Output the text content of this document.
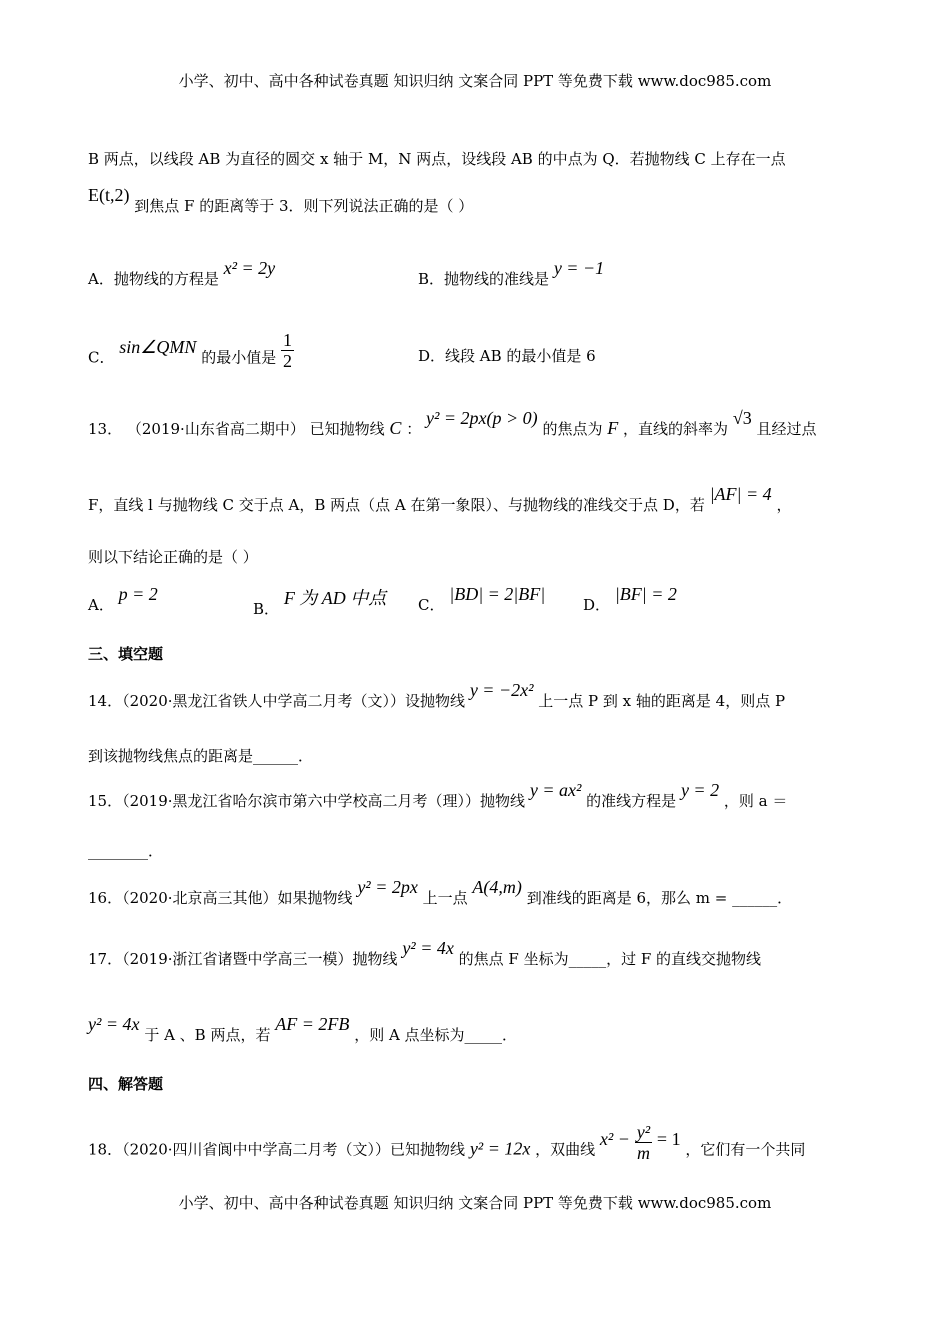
小学、初中、高中各种试卷真题 知识归纳 文案合同 PPT 等免费下载 www.doc985.com
B 两点，以线段 AB 为直径的圆交 x 轴于 M，N 两点，设线段 AB 的中点为 Q．若抛物线 C 上存在一点
E(t,2) 到焦点 F 的距离等于 3．则下列说法正确的是（ ）
A．抛物线的方程是 x² = 2y
B．抛物线的准线是 y = −1
C． sin∠QMN 的最小值是 $\frac{1}{2}$	D．线段 AB 的最小值是 6
13． （2019·山东省高二期中） 已知抛物线 C ： y² = 2px(p > 0) 的焦点为 F ，直线的斜率为 √3 且经过点
F，直线 l 与抛物线 C 交于点 A，B 两点（点 A 在第一象限）、与抛物线的准线交于点 D，若 |AF| = 4 ，
则以下结论正确的是（ ）
A． p = 2
B． F 为 AD 中点 C． |BD| = 2|BF|
D． |BF| = 2
三、填空题
14．（2020·黑龙江省铁人中学高二月考（文））设抛物线 y = −2x² 上一点 P 到 x 轴的距离是 4，则点 P
到该抛物线焦点的距离是______．
15．（2019·黑龙江省哈尔滨市第六中学校高二月考（理））抛物线 y = ax² 的准线方程是 y = 2 ，则 a ＝
________．
16．（2020·北京高三其他）如果抛物线 y² = 2px 上一点 A(4,m) 到准线的距离是 6，那么 m = ______．
17．（2019·浙江省诸暨中学高三一模）抛物线 y² = 4x 的焦点 F 坐标为_____，过 F 的直线交抛物线
y² = 4x 于 A 、B 两点，若 AF = 2FB ，则 A 点坐标为_____．
四、解答题
18．（2020·四川省阆中中学高二月考（文））已知抛物线 y² = 12x ，双曲线 $x^2 - \frac{\text{y²}}{m} = 1$ ，它们有一个共同
小学、初中、高中各种试卷真题 知识归纳 文案合同 PPT 等免费下载 www.doc985.com
